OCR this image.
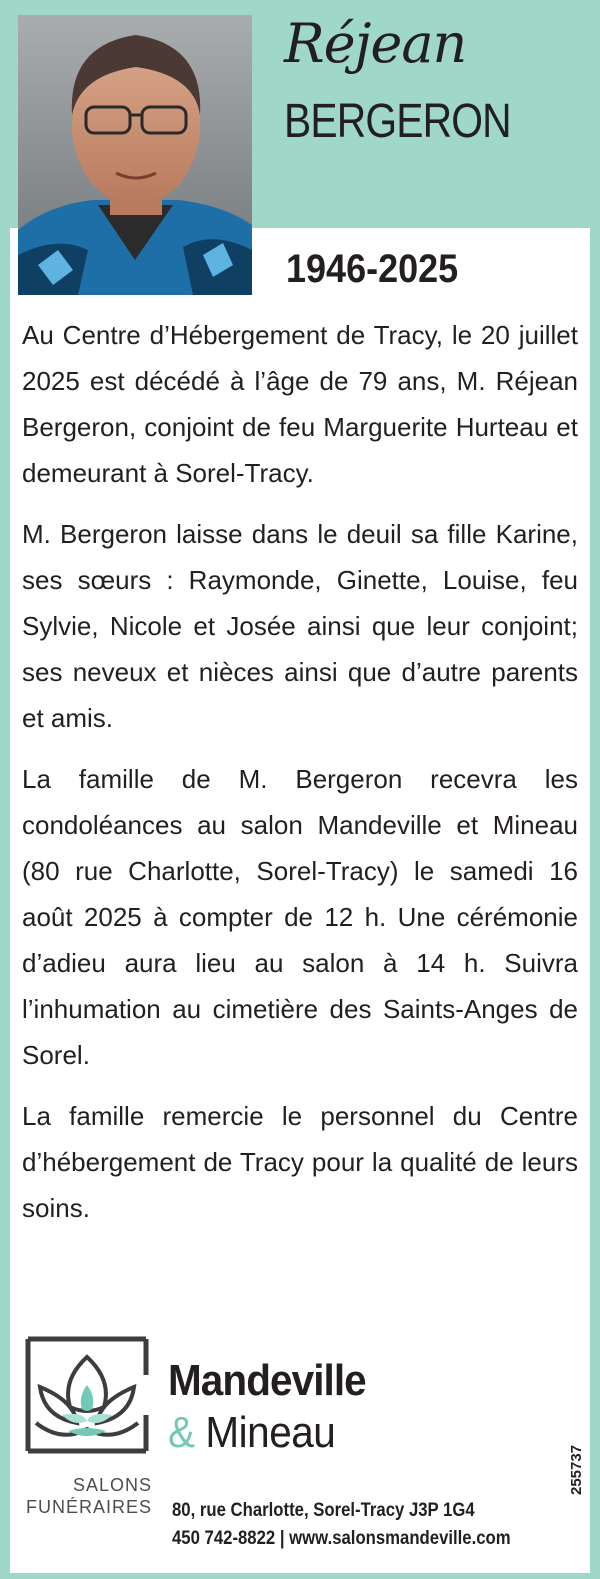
Réjean
BERGERON
1946-2025

Au Centre d’Hébergement de Tracy, le 20 juillet 2025 est décédé à l’âge de 79 ans, M. Réjean Bergeron, conjoint de feu Marguerite Hurteau et demeurant à Sorel-Tracy.

M. Bergeron laisse dans le deuil sa fille Karine, ses sœurs : Raymonde, Ginette, Louise, feu Sylvie, Nicole et Josée ainsi que leur conjoint; ses neveux et nièces ainsi que d’autre parents et amis.

La famille de M. Bergeron recevra les condoléances au salon Mandeville et Mineau (80 rue Charlotte, Sorel-Tracy) le samedi 16 août 2025 à compter de 12 h. Une cérémonie d’adieu aura lieu au salon à 14 h. Suivra l’inhumation au cimetière des Saints-Anges de Sorel.

La famille remercie le personnel du Centre d’hébergement de Tracy pour la qualité de leurs soins.

Mandeville
& Mineau
SALONS
FUNÉRAIRES 80, rue Charlotte, Sorel-Tracy J3P 1G4
450 742-8822 | www.salonsmandeville.com
255737
